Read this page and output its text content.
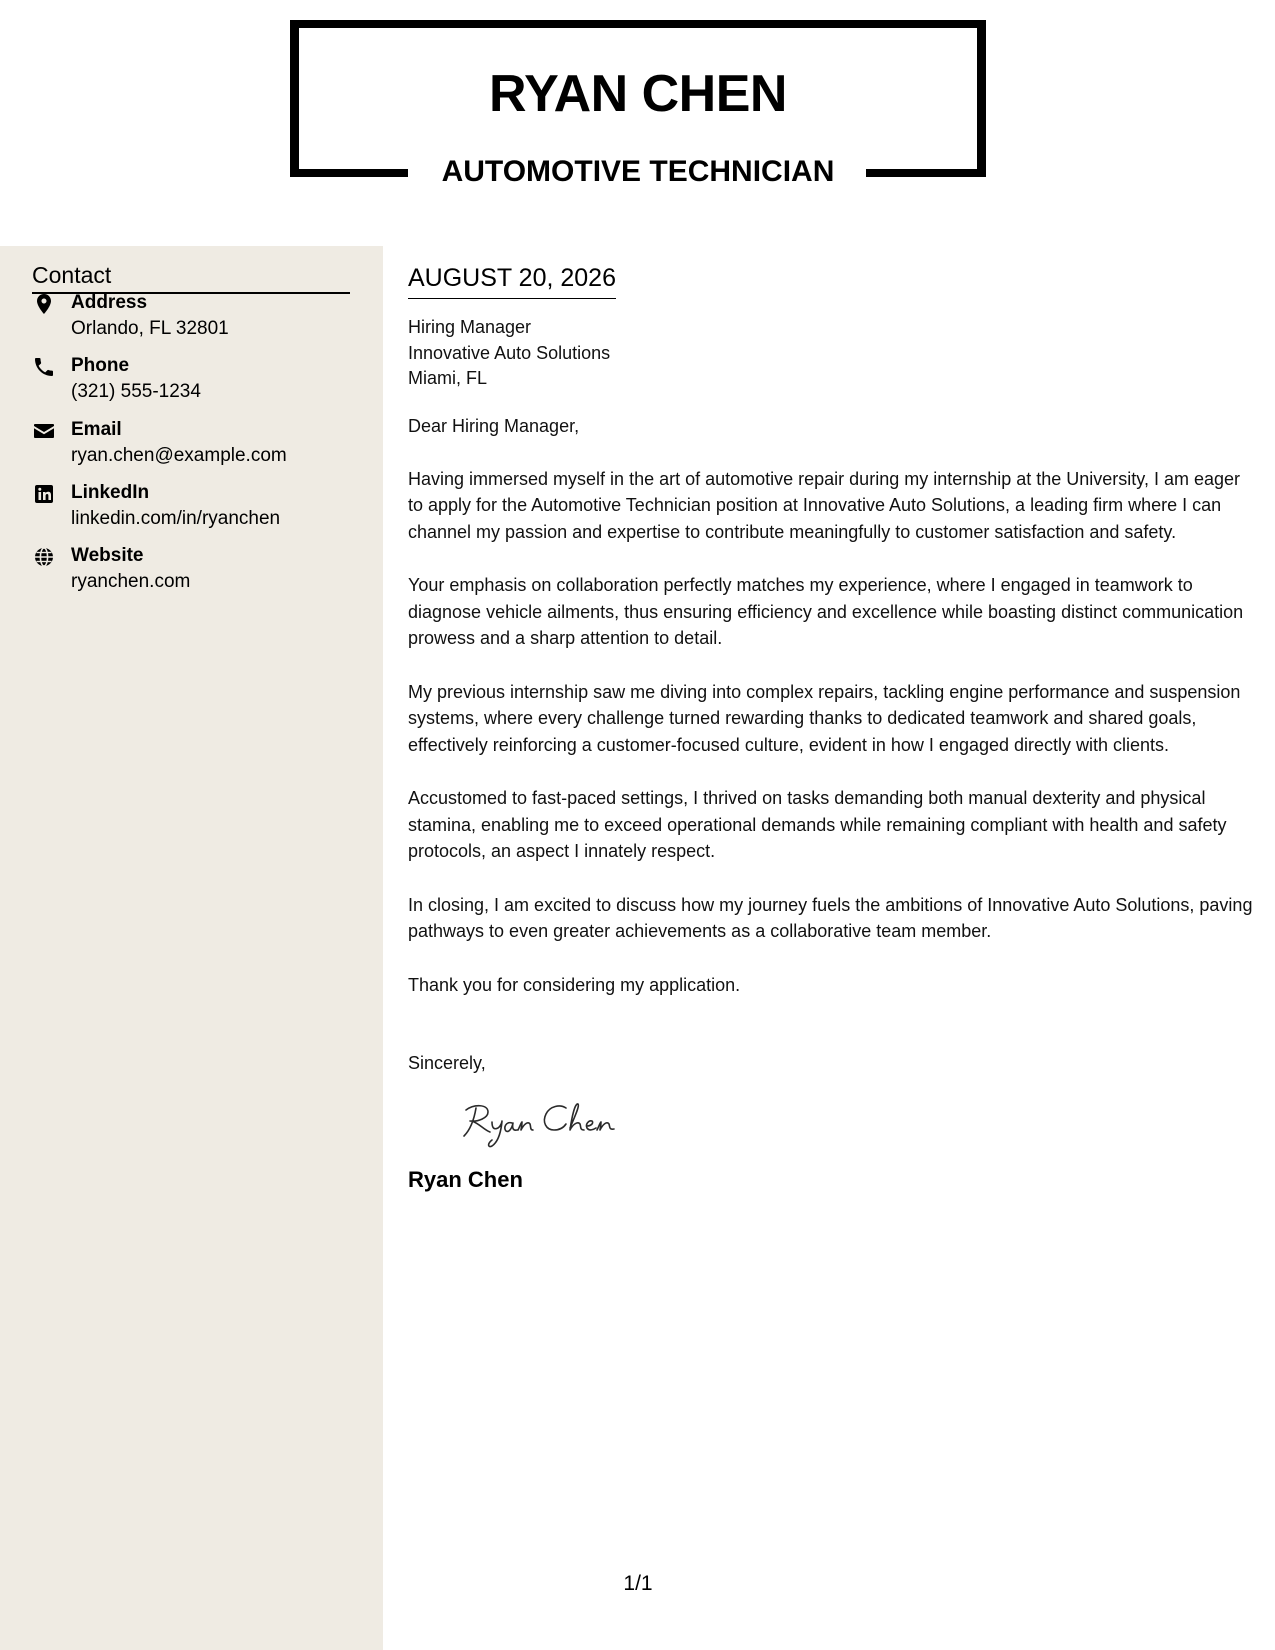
RYAN CHEN
AUTOMOTIVE TECHNICIAN
Contact
Address
Orlando, FL 32801
Phone
(321) 555-1234
Email
ryan.chen@example.com
LinkedIn
linkedin.com/in/ryanchen
Website
ryanchen.com
AUGUST 20, 2026
Hiring Manager
Innovative Auto Solutions
Miami, FL
Dear Hiring Manager,
Having immersed myself in the art of automotive repair during my internship at the University, I am eager to apply for the Automotive Technician position at Innovative Auto Solutions, a leading firm where I can channel my passion and expertise to contribute meaningfully to customer satisfaction and safety.
Your emphasis on collaboration perfectly matches my experience, where I engaged in teamwork to diagnose vehicle ailments, thus ensuring efficiency and excellence while boasting distinct communication prowess and a sharp attention to detail.
My previous internship saw me diving into complex repairs, tackling engine performance and suspension systems, where every challenge turned rewarding thanks to dedicated teamwork and shared goals, effectively reinforcing a customer-focused culture, evident in how I engaged directly with clients.
Accustomed to fast-paced settings, I thrived on tasks demanding both manual dexterity and physical stamina, enabling me to exceed operational demands while remaining compliant with health and safety protocols, an aspect I innately respect.
In closing, I am excited to discuss how my journey fuels the ambitions of Innovative Auto Solutions, paving pathways to even greater achievements as a collaborative team member.
Thank you for considering my application.
Sincerely,
Ryan Chen
1/1
